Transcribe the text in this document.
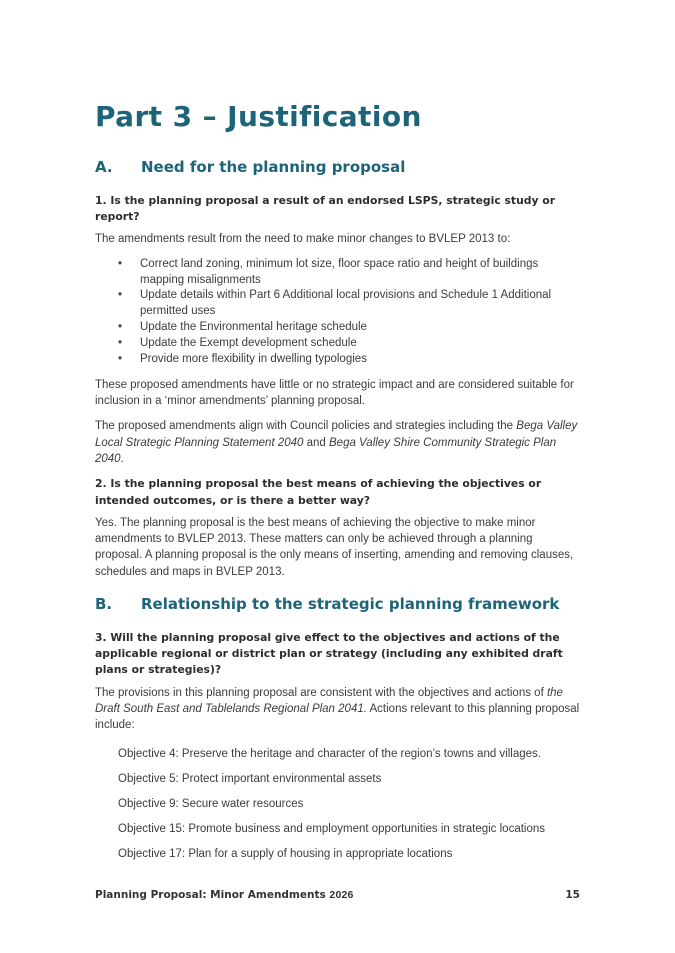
Part 3 – Justification
A.	Need for the planning proposal

1. Is the planning proposal a result of an endorsed LSPS, strategic study or report?

The amendments result from the need to make minor changes to BVLEP 2013 to:

• Correct land zoning, minimum lot size, floor space ratio and height of buildings mapping misalignments
• Update details within Part 6 Additional local provisions and Schedule 1 Additional permitted uses
• Update the Environmental heritage schedule
• Update the Exempt development schedule
• Provide more flexibility in dwelling typologies

These proposed amendments have little or no strategic impact and are considered suitable for inclusion in a ‘minor amendments’ planning proposal.

The proposed amendments align with Council policies and strategies including the Bega Valley Local Strategic Planning Statement 2040 and Bega Valley Shire Community Strategic Plan 2040.

2. Is the planning proposal the best means of achieving the objectives or intended outcomes, or is there a better way?

Yes. The planning proposal is the best means of achieving the objective to make minor amendments to BVLEP 2013. These matters can only be achieved through a planning proposal. A planning proposal is the only means of inserting, amending and removing clauses, schedules and maps in BVLEP 2013.

B.	Relationship to the strategic planning framework

3. Will the planning proposal give effect to the objectives and actions of the applicable regional or district plan or strategy (including any exhibited draft plans or strategies)?

The provisions in this planning proposal are consistent with the objectives and actions of the Draft South East and Tablelands Regional Plan 2041. Actions relevant to this planning proposal include:

Objective 4: Preserve the heritage and character of the region’s towns and villages.

Objective 5: Protect important environmental assets

Objective 9: Secure water resources

Objective 15: Promote business and employment opportunities in strategic locations

Objective 17: Plan for a supply of housing in appropriate locations

Planning Proposal: Minor Amendments 2026	15
